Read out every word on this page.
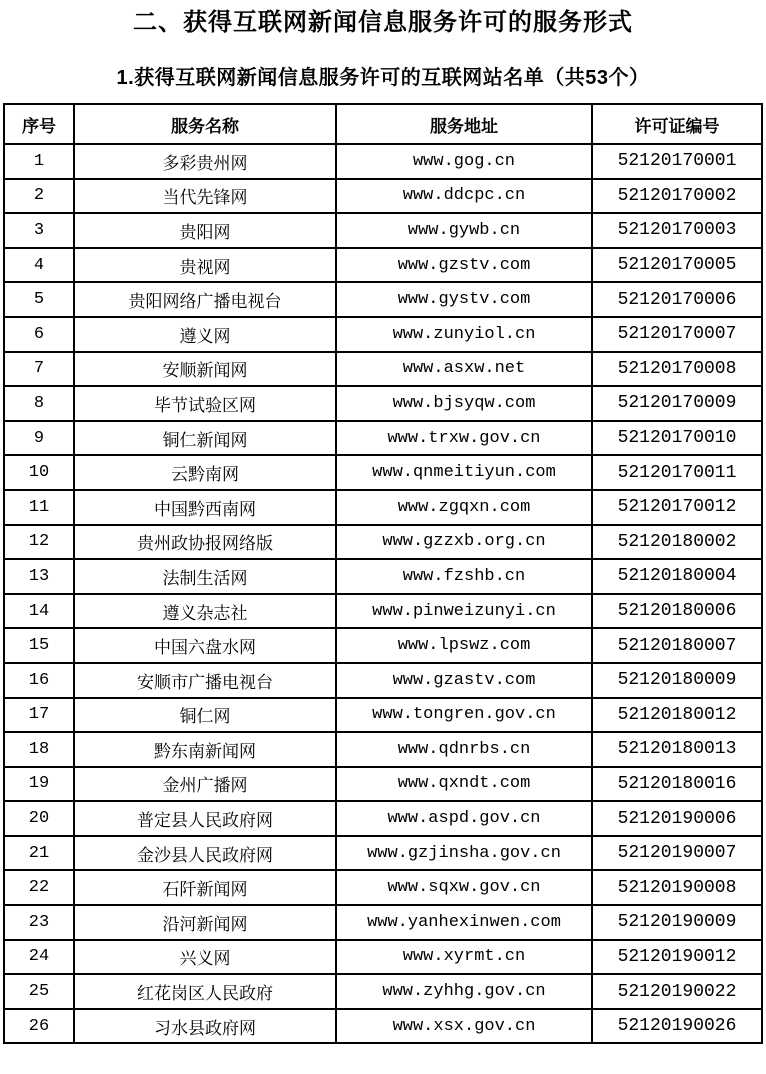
二、获得互联网新闻信息服务许可的服务形式
1.获得互联网新闻信息服务许可的互联网站名单（共53个）
序号	服务名称	服务地址	许可证编号
1	多彩贵州网	www.gog.cn	52120170001
2	当代先锋网	www.ddcpc.cn	52120170002
3	贵阳网	www.gywb.cn	52120170003
4	贵视网	www.gzstv.com	52120170005
5	贵阳网络广播电视台	www.gystv.com	52120170006
6	遵义网	www.zunyiol.cn	52120170007
7	安顺新闻网	www.asxw.net	52120170008
8	毕节试验区网	www.bjsyqw.com	52120170009
9	铜仁新闻网	www.trxw.gov.cn	52120170010
10	云黔南网	www.qnmeitiyun.com	52120170011
11	中国黔西南网	www.zgqxn.com	52120170012
12	贵州政协报网络版	www.gzzxb.org.cn	52120180002
13	法制生活网	www.fzshb.cn	52120180004
14	遵义杂志社	www.pinweizunyi.cn	52120180006
15	中国六盘水网	www.lpswz.com	52120180007
16	安顺市广播电视台	www.gzastv.com	52120180009
17	铜仁网	www.tongren.gov.cn	52120180012
18	黔东南新闻网	www.qdnrbs.cn	52120180013
19	金州广播网	www.qxndt.com	52120180016
20	普定县人民政府网	www.aspd.gov.cn	52120190006
21	金沙县人民政府网	www.gzjinsha.gov.cn	52120190007
22	石阡新闻网	www.sqxw.gov.cn	52120190008
23	沿河新闻网	www.yanhexinwen.com	52120190009
24	兴义网	www.xyrmt.cn	52120190012
25	红花岗区人民政府	www.zyhhg.gov.cn	52120190022
26	习水县政府网	www.xsx.gov.cn	52120190026
